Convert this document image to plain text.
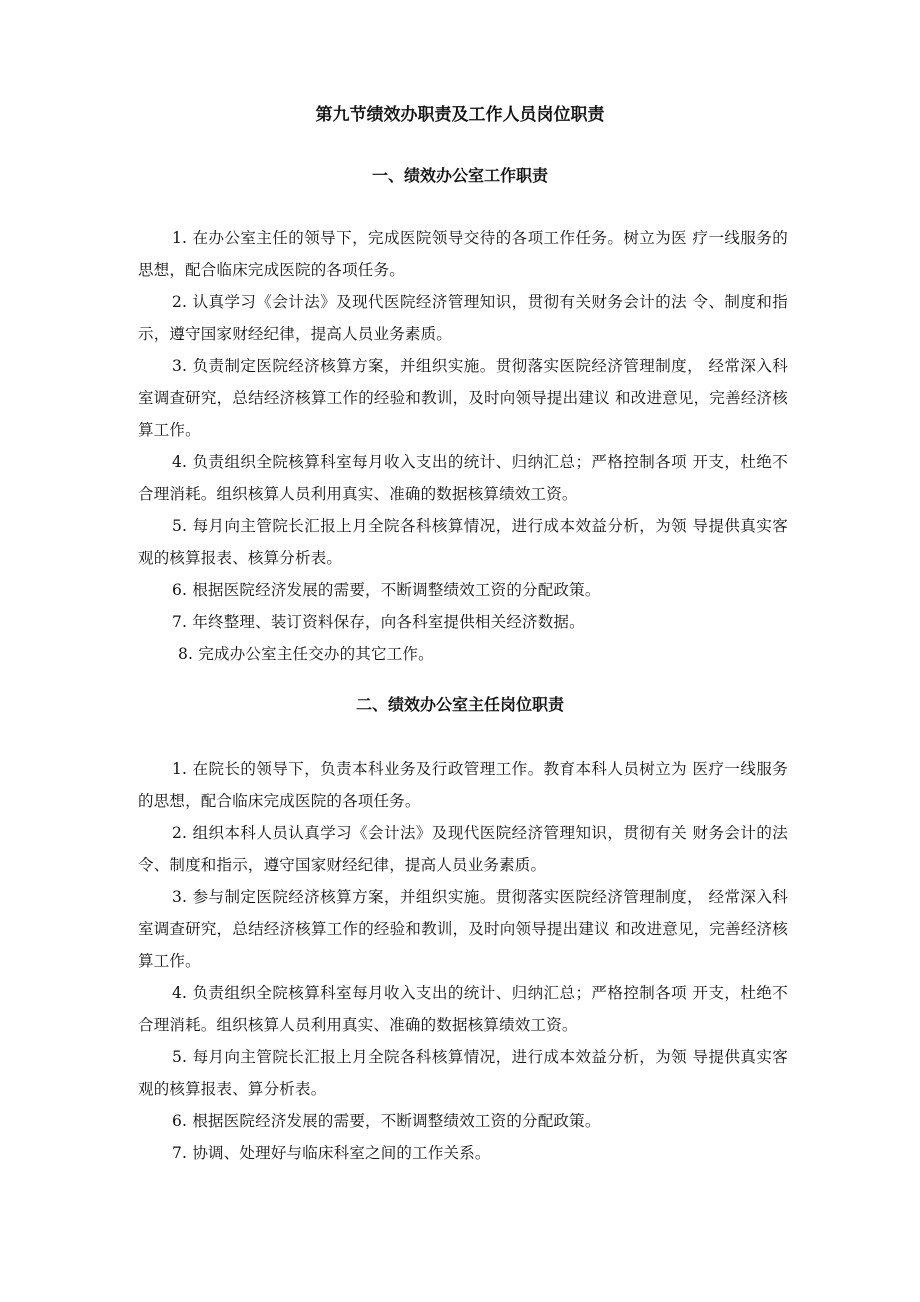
第九节绩效办职责及工作人员岗位职责
一、绩效办公室工作职责

1. 在办公室主任的领导下，完成医院领导交待的各项工作任务。树立为医 疗一线服务的思想，配合临床完成医院的各项任务。

2. 认真学习《会计法》及现代医院经济管理知识，贯彻有关财务会计的法 令、制度和指示，遵守国家财经纪律，提高人员业务素质。

3. 负责制定医院经济核算方案，并组织实施。贯彻落实医院经济管理制度， 经常深入科室调查研究，总结经济核算工作的经验和教训，及时向领导提出建议 和改进意见，完善经济核算工作。

4. 负责组织全院核算科室每月收入支出的统计、归纳汇总；严格控制各项 开支，杜绝不合理消耗。组织核算人员利用真实、准确的数据核算绩效工资。

5. 每月向主管院长汇报上月全院各科核算情况，进行成本效益分析，为领 导提供真实客观的核算报表、核算分析表。

6. 根据医院经济发展的需要，不断调整绩效工资的分配政策。

7. 年终整理、装订资料保存，向各科室提供相关经济数据。

8. 完成办公室主任交办的其它工作。

二、绩效办公室主任岗位职责

1. 在院长的领导下，负责本科业务及行政管理工作。教育本科人员树立为 医疗一线服务的思想，配合临床完成医院的各项任务。

2. 组织本科人员认真学习《会计法》及现代医院经济管理知识，贯彻有关 财务会计的法令、制度和指示，遵守国家财经纪律，提高人员业务素质。

3. 参与制定医院经济核算方案，并组织实施。贯彻落实医院经济管理制度， 经常深入科室调查研究，总结经济核算工作的经验和教训，及时向领导提出建议 和改进意见，完善经济核算工作。

4. 负责组织全院核算科室每月收入支出的统计、归纳汇总；严格控制各项 开支，杜绝不合理消耗。组织核算人员利用真实、准确的数据核算绩效工资。

5. 每月向主管院长汇报上月全院各科核算情况，进行成本效益分析，为领 导提供真实客观的核算报表、算分析表。

6. 根据医院经济发展的需要，不断调整绩效工资的分配政策。

7. 协调、处理好与临床科室之间的工作关系。
